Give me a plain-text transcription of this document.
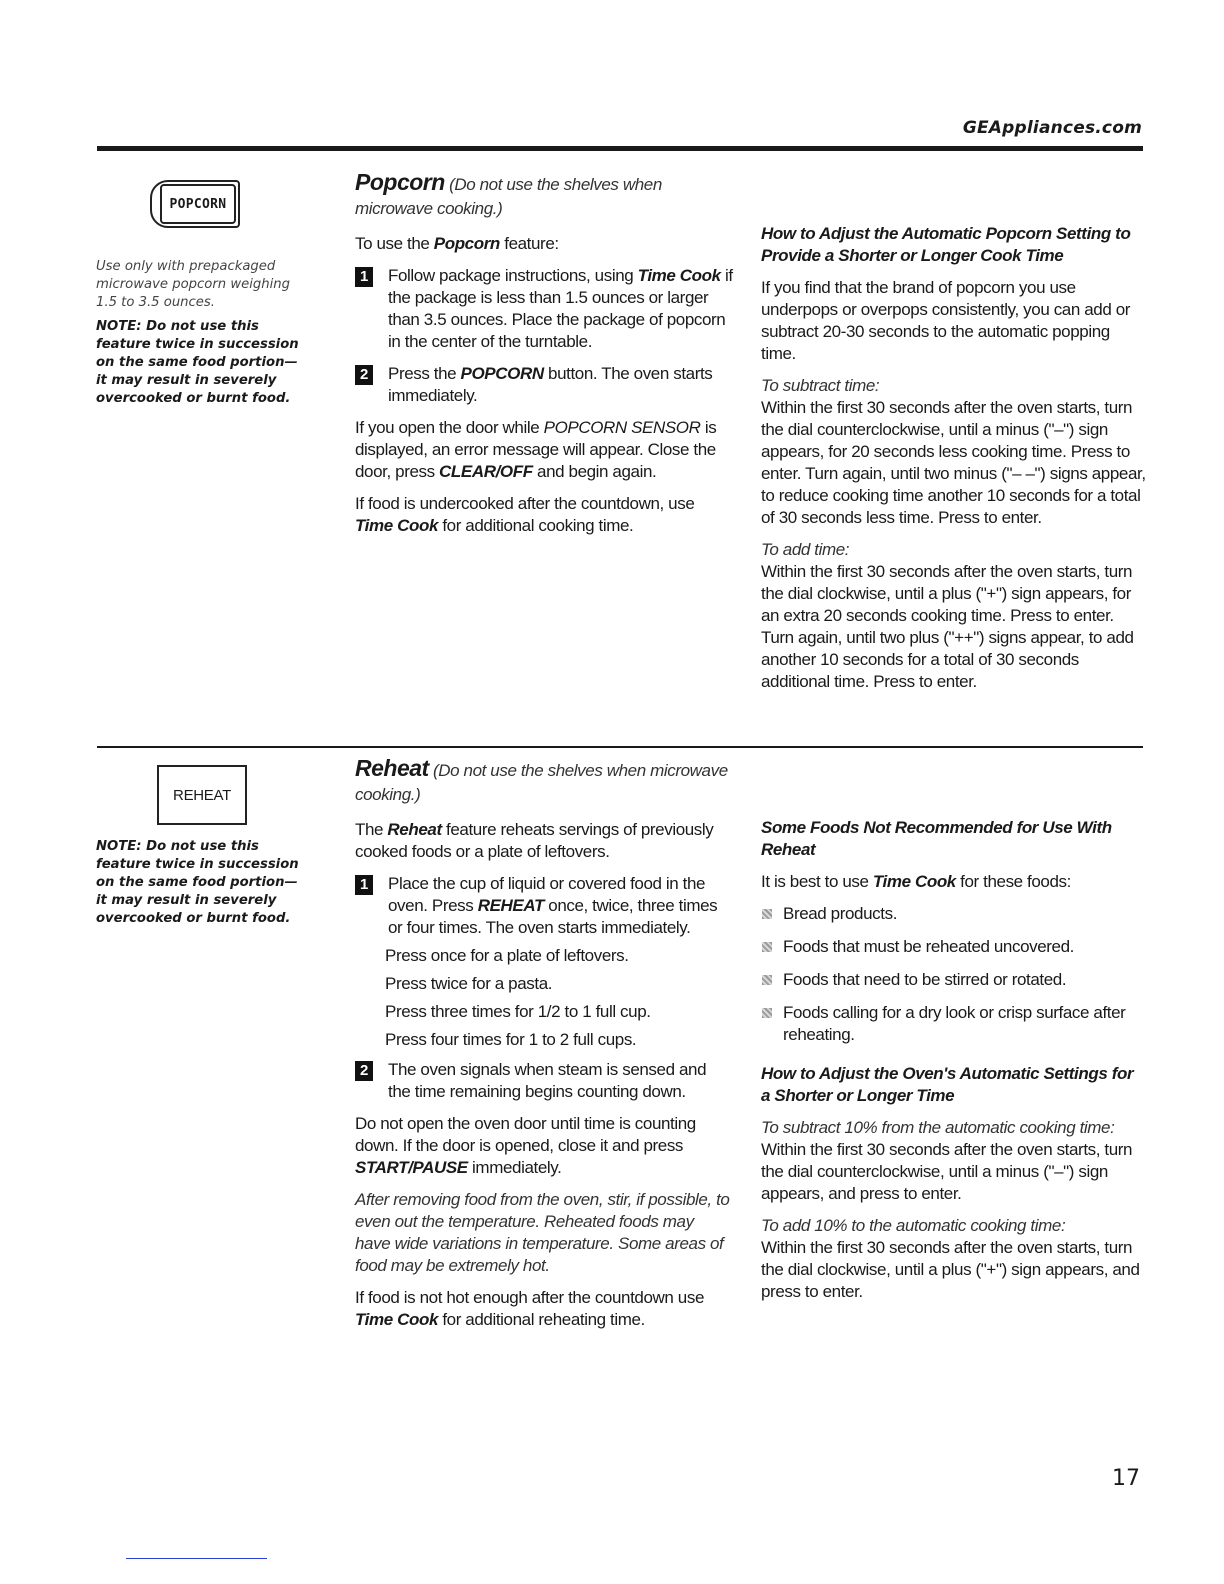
GEAppliances.com
POPCORN
Use only with prepackaged microwave popcorn weighing 1.5 to 3.5 ounces.
NOTE: Do not use this feature twice in succession on the same food portion—it may result in severely overcooked or burnt food.
Popcorn (Do not use the shelves when microwave cooking.)

To use the Popcorn feature:

1 Follow package instructions, using Time Cook if the package is less than 1.5 ounces or larger than 3.5 ounces. Place the package of popcorn in the center of the turntable.
2 Press the POPCORN button. The oven starts immediately.

If you open the door while POPCORN SENSOR is displayed, an error message will appear. Close the door, press CLEAR/OFF and begin again.

If food is undercooked after the countdown, use Time Cook for additional cooking time.

How to Adjust the Automatic Popcorn Setting to Provide a Shorter or Longer Cook Time

If you find that the brand of popcorn you use underpops or overpops consistently, you can add or subtract 20-30 seconds to the automatic popping time.

To subtract time:

Within the first 30 seconds after the oven starts, turn the dial counterclockwise, until a minus ("–") sign appears, for 20 seconds less cooking time. Press to enter. Turn again, until two minus ("– –") signs appear, to reduce cooking time another 10 seconds for a total of 30 seconds less time. Press to enter.

To add time:

Within the first 30 seconds after the oven starts, turn the dial clockwise, until a plus ("+") sign appears, for an extra 20 seconds cooking time. Press to enter. Turn again, until two plus ("++") signs appear, to add another 10 seconds for a total of 30 seconds additional time. Press to enter.

REHEAT
NOTE: Do not use this feature twice in succession on the same food portion—it may result in severely overcooked or burnt food.
Reheat (Do not use the shelves when microwave cooking.)

The Reheat feature reheats servings of previously cooked foods or a plate of leftovers.

1 Place the cup of liquid or covered food in the oven. Press REHEAT once, twice, three times or four times. The oven starts immediately.
Press once for a plate of leftovers.
Press twice for a pasta.
Press three times for 1/2 to 1 full cup.
Press four times for 1 to 2 full cups.
2 The oven signals when steam is sensed and the time remaining begins counting down.

Do not open the oven door until time is counting down. If the door is opened, close it and press START/PAUSE immediately.

After removing food from the oven, stir, if possible, to even out the temperature. Reheated foods may have wide variations in temperature. Some areas of food may be extremely hot.

If food is not hot enough after the countdown use Time Cook for additional reheating time.

Some Foods Not Recommended for Use With Reheat

It is best to use Time Cook for these foods:

Bread products.
Foods that must be reheated uncovered.
Foods that need to be stirred or rotated.
Foods calling for a dry look or crisp surface after reheating.
How to Adjust the Oven's Automatic Settings for a Shorter or Longer Time
To subtract 10% from the automatic cooking time:

Within the first 30 seconds after the oven starts, turn the dial counterclockwise, until a minus ("–") sign appears, and press to enter.

To add 10% to the automatic cooking time:

Within the first 30 seconds after the oven starts, turn the dial clockwise, until a plus ("+") sign appears, and press to enter.

17
